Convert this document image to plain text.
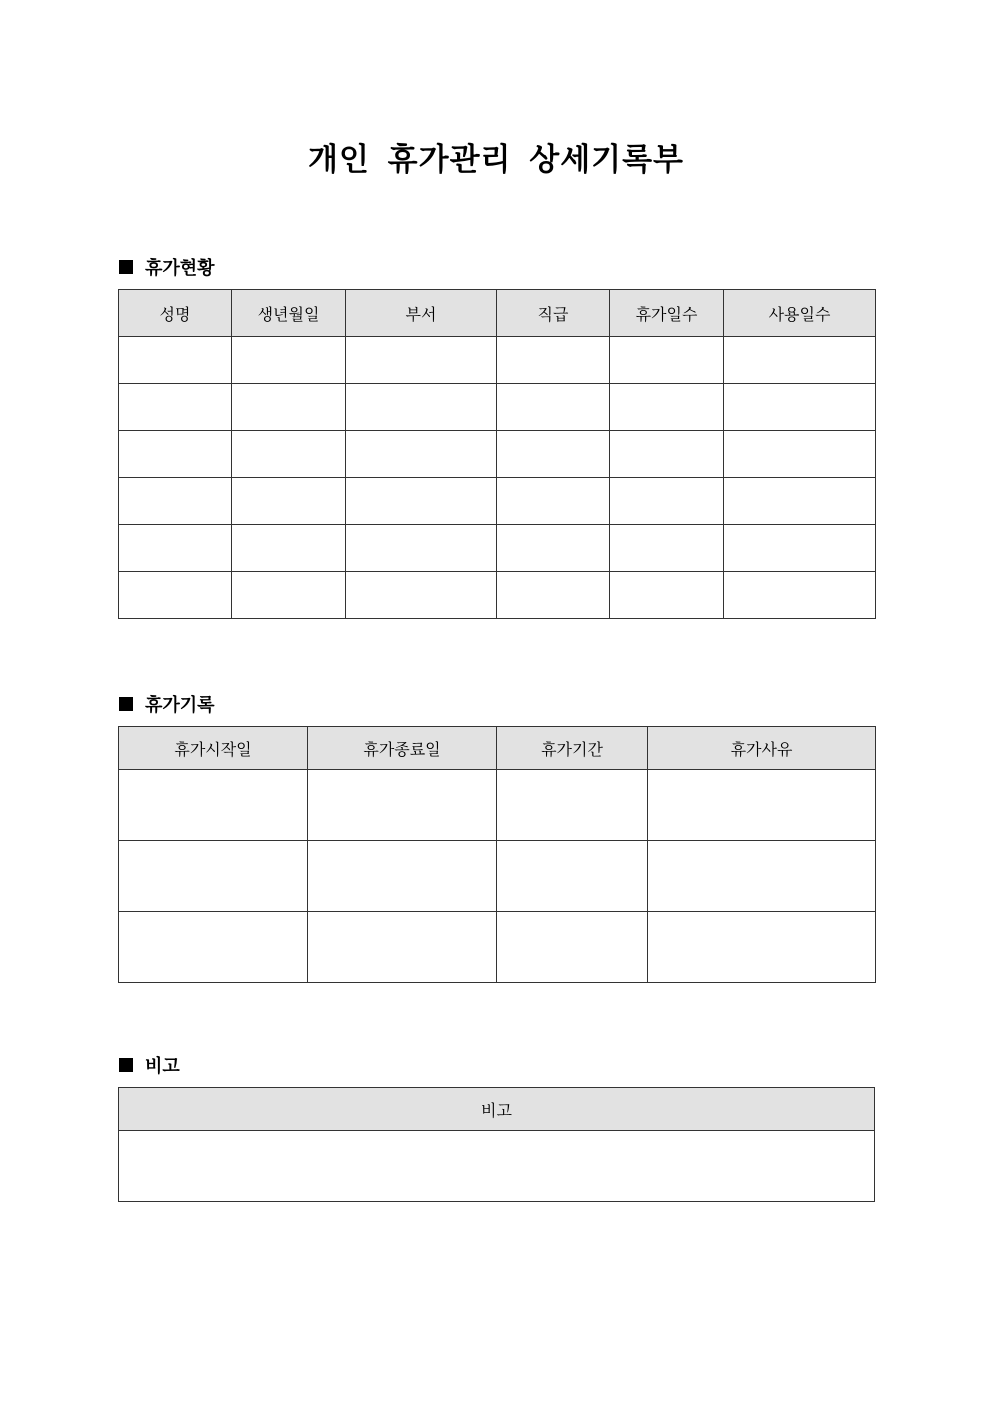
개인 휴가관리 상세기록부
휴가현황
성명	생년월일	부서	직급	휴가일수	사용일수

휴가기록
휴가시작일	휴가종료일	휴가기간	휴가사유

비고
비고
